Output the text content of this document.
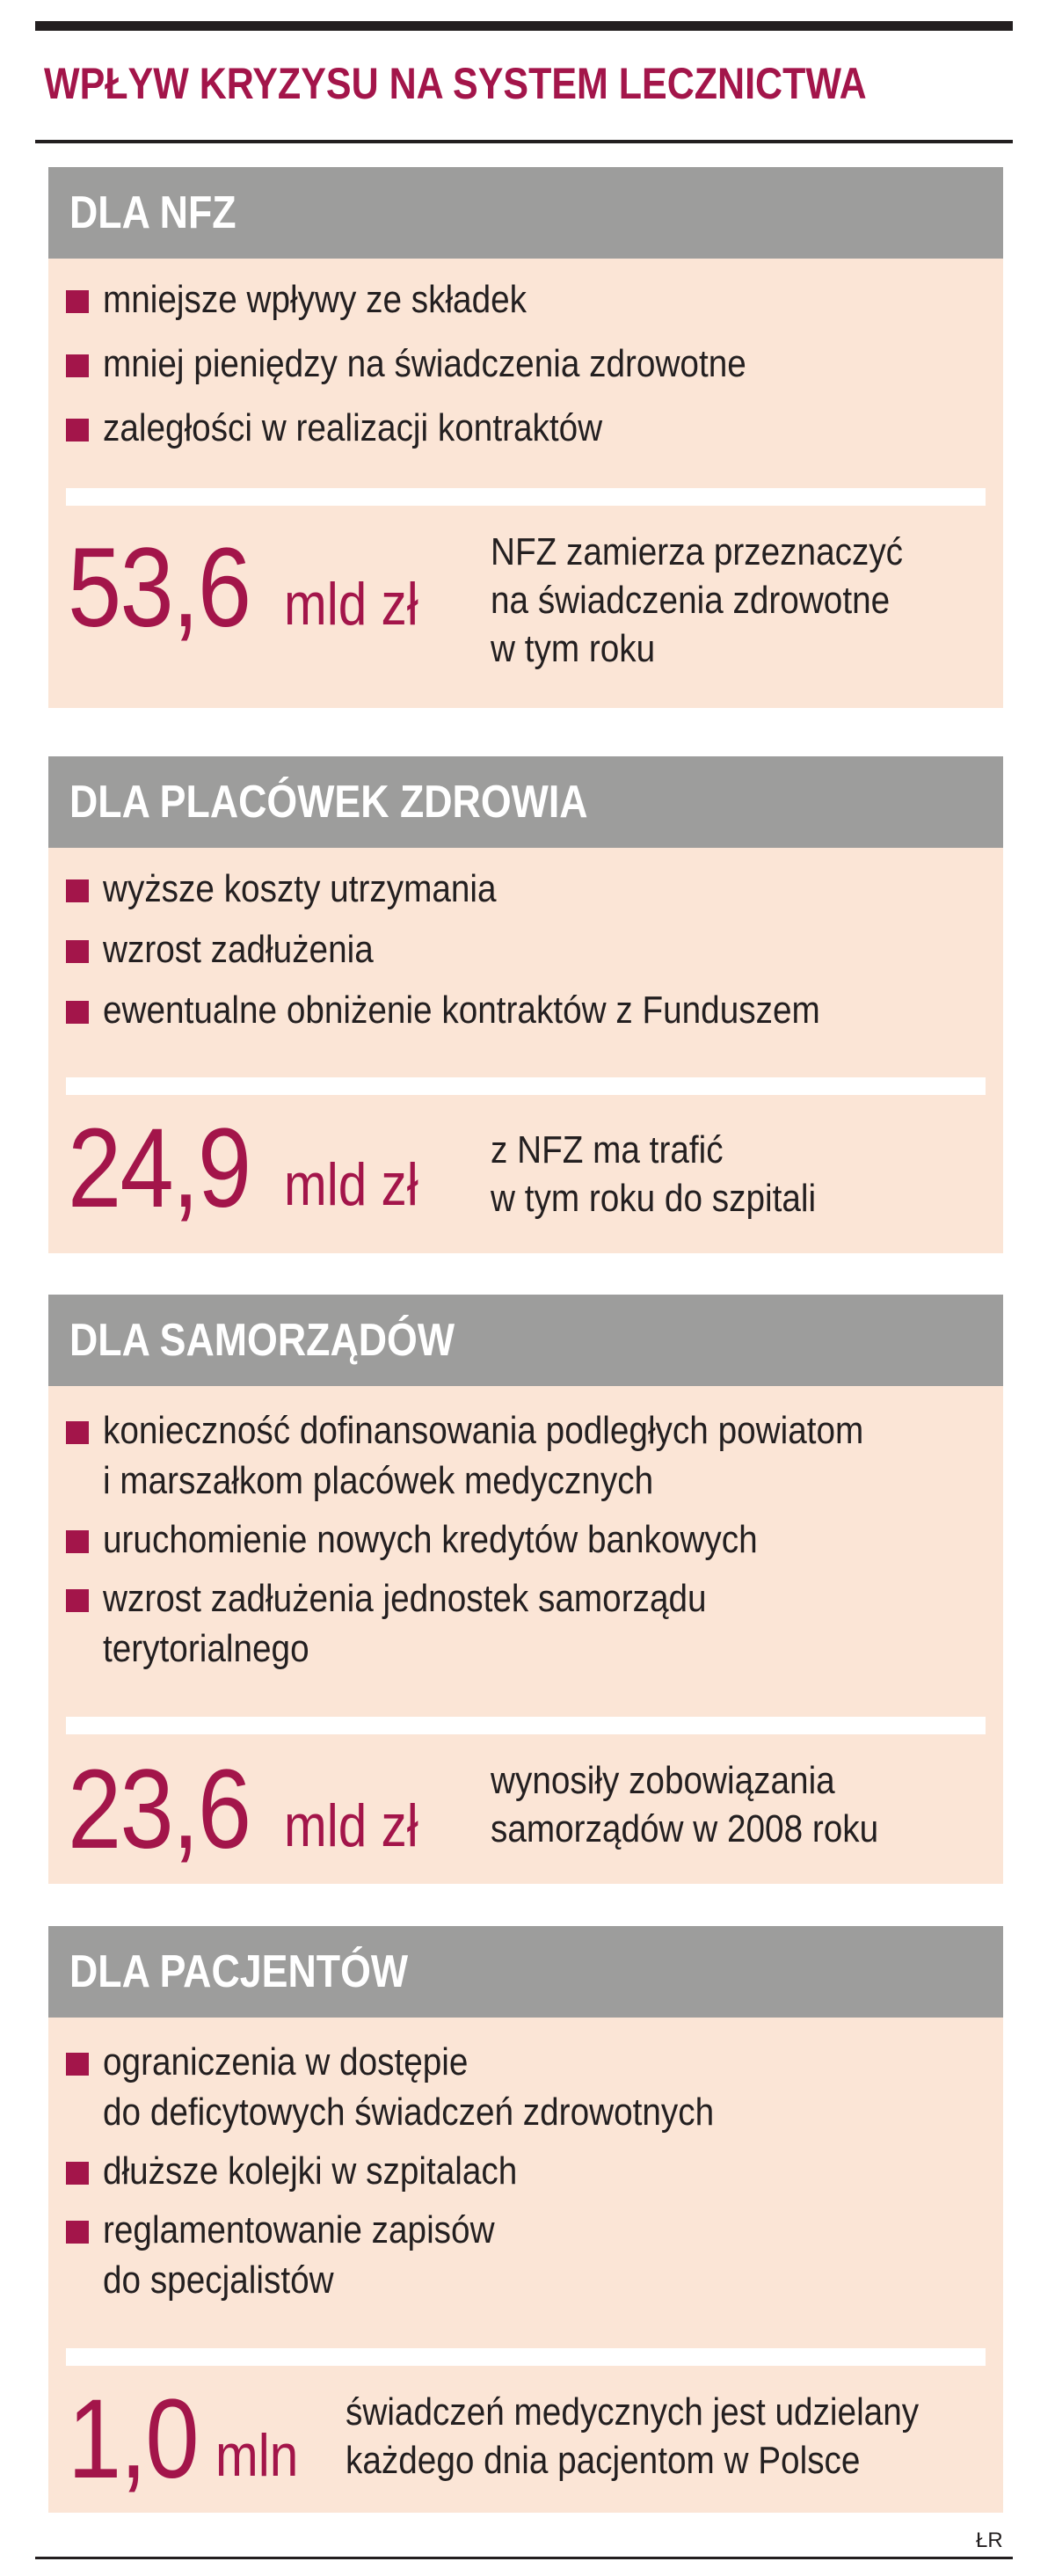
WPŁYW KRYZYSU NA SYSTEM LECZNICTWA
DLA NFZ
mniejsze wpływy ze składek
mniej pieniędzy na świadczenia zdrowotne
zaległości w realizacji kontraktów
53,6 mld zł
NFZ zamierza przeznaczyć
na świadczenia zdrowotne
w tym roku
DLA PLACÓWEK ZDROWIA
wyższe koszty utrzymania
wzrost zadłużenia
ewentualne obniżenie kontraktów z Funduszem
24,9 mld zł
z NFZ ma trafić
w tym roku do szpitali
DLA SAMORZĄDÓW
konieczność dofinansowania podległych powiatom
i marszałkom placówek medycznych
uruchomienie nowych kredytów bankowych
wzrost zadłużenia jednostek samorządu
terytorialnego
23,6 mld zł
wynosiły zobowiązania
samorządów w 2008 roku
DLA PACJENTÓW
ograniczenia w dostępie
do deficytowych świadczeń zdrowotnych
dłuższe kolejki w szpitalach
reglamentowanie zapisów
do specjalistów
1,0 mln
świadczeń medycznych jest udzielany
każdego dnia pacjentom w Polsce
ŁR
